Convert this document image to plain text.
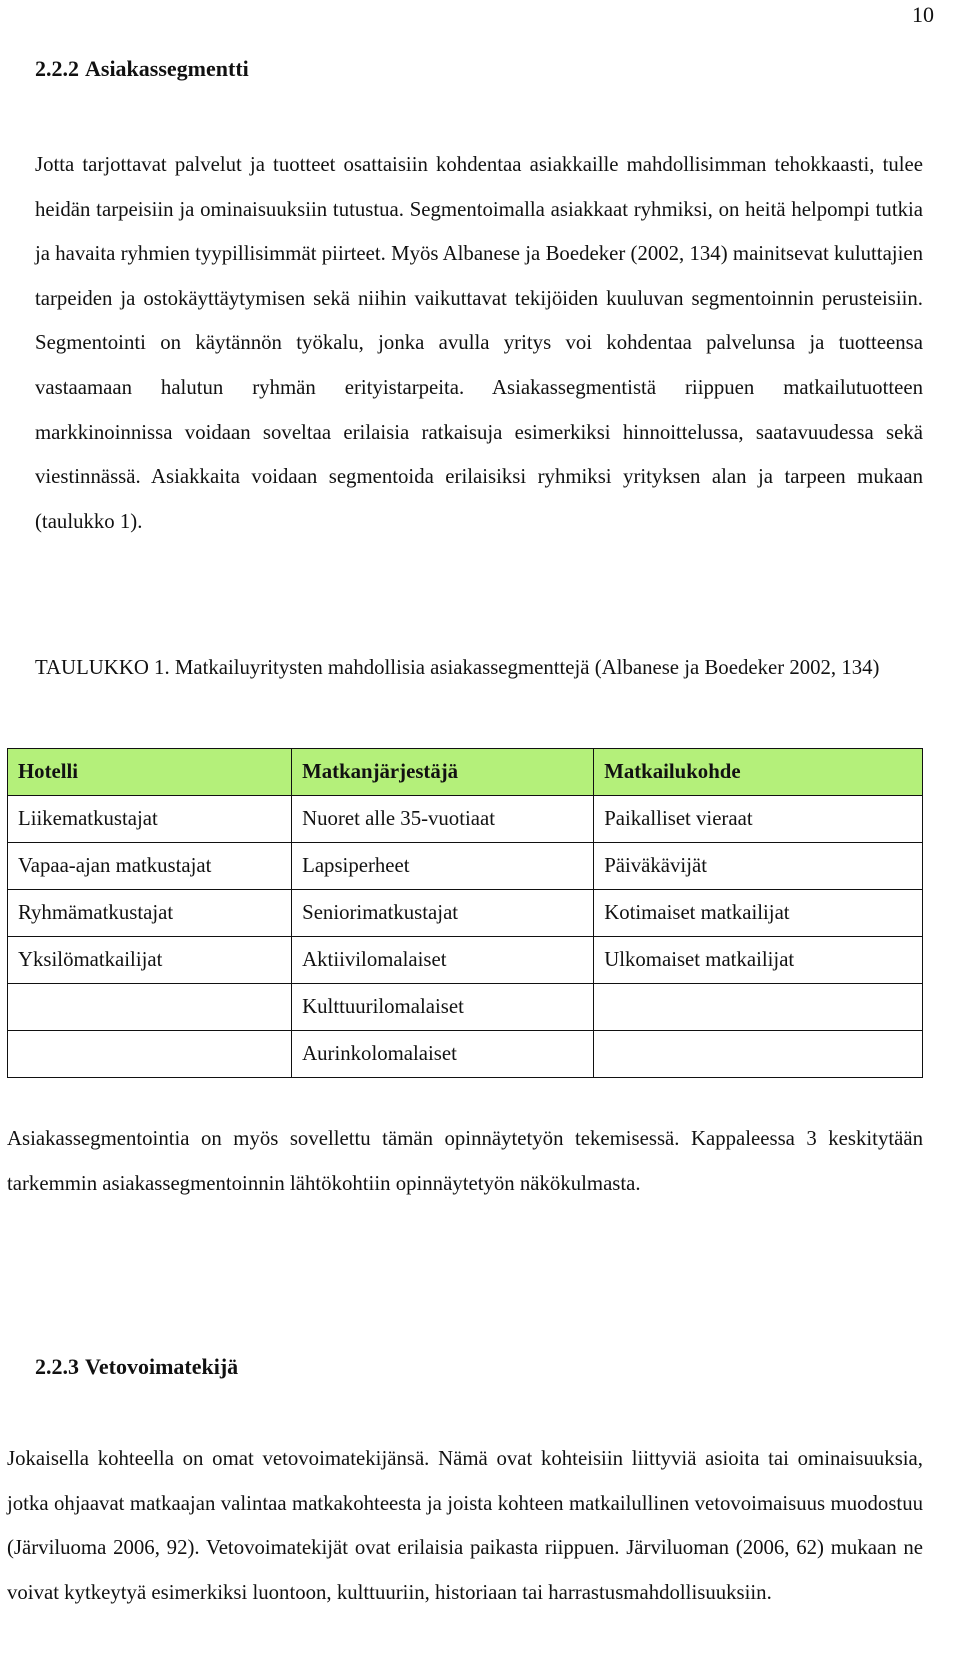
10
2.2.2 Asiakassegmentti

Jotta tarjottavat palvelut ja tuotteet osattaisiin kohdentaa asiakkaille mahdollisimman tehokkaasti, tulee heidän tarpeisiin ja ominaisuuksiin tutustua. Segmentoimalla asiakkaat ryhmiksi, on heitä helpompi tutkia ja havaita ryhmien tyypillisimmät piirteet. Myös Albanese ja Boedeker (2002, 134) mainitsevat kuluttajien tarpeiden ja ostokäyttäytymisen sekä niihin vaikuttavat tekijöiden kuuluvan segmentoinnin perusteisiin. Segmentointi on käytännön työkalu, jonka avulla yritys voi kohdentaa palvelunsa ja tuotteensa vastaamaan halutun ryhmän erityistarpeita. Asiakassegmentistä riippuen matkailutuotteen markkinoinnissa voidaan soveltaa erilaisia ratkaisuja esimerkiksi hinnoittelussa, saatavuudessa sekä viestinnässä. Asiakkaita voidaan segmentoida erilaisiksi ryhmiksi yrityksen alan ja tarpeen mukaan (taulukko 1).

TAULUKKO 1. Matkailuyritysten mahdollisia asiakassegmenttejä (Albanese ja Boedeker 2002, 134)

Hotelli	Matkanjärjestäjä	Matkailukohde
Liikematkustajat	Nuoret alle 35-vuotiaat	Paikalliset vieraat
Vapaa-ajan matkustajat	Lapsiperheet	Päiväkävijät
Ryhmämatkustajat	Seniorimatkustajat	Kotimaiset matkailijat
Yksilömatkailijat	Aktiivilomalaiset	Ulkomaiset matkailijat
	Kulttuurilomalaiset	
	Aurinkolomalaiset	

Asiakassegmentointia on myös sovellettu tämän opinnäytetyön tekemisessä. Kappaleessa 3 keskitytään tarkemmin asiakassegmentoinnin lähtökohtiin opinnäytetyön näkökulmasta.

2.2.3 Vetovoimatekijä

Jokaisella kohteella on omat vetovoimatekijänsä. Nämä ovat kohteisiin liittyviä asioita tai ominaisuuksia, jotka ohjaavat matkaajan valintaa matkakohteesta ja joista kohteen matkailullinen vetovoimaisuus muodostuu (Järviluoma 2006, 92). Vetovoimatekijät ovat erilaisia paikasta riippuen. Järviluoman (2006, 62) mukaan ne voivat kytkeytyä esimerkiksi luontoon, kulttuuriin, historiaan tai harrastusmahdollisuuksiin.
